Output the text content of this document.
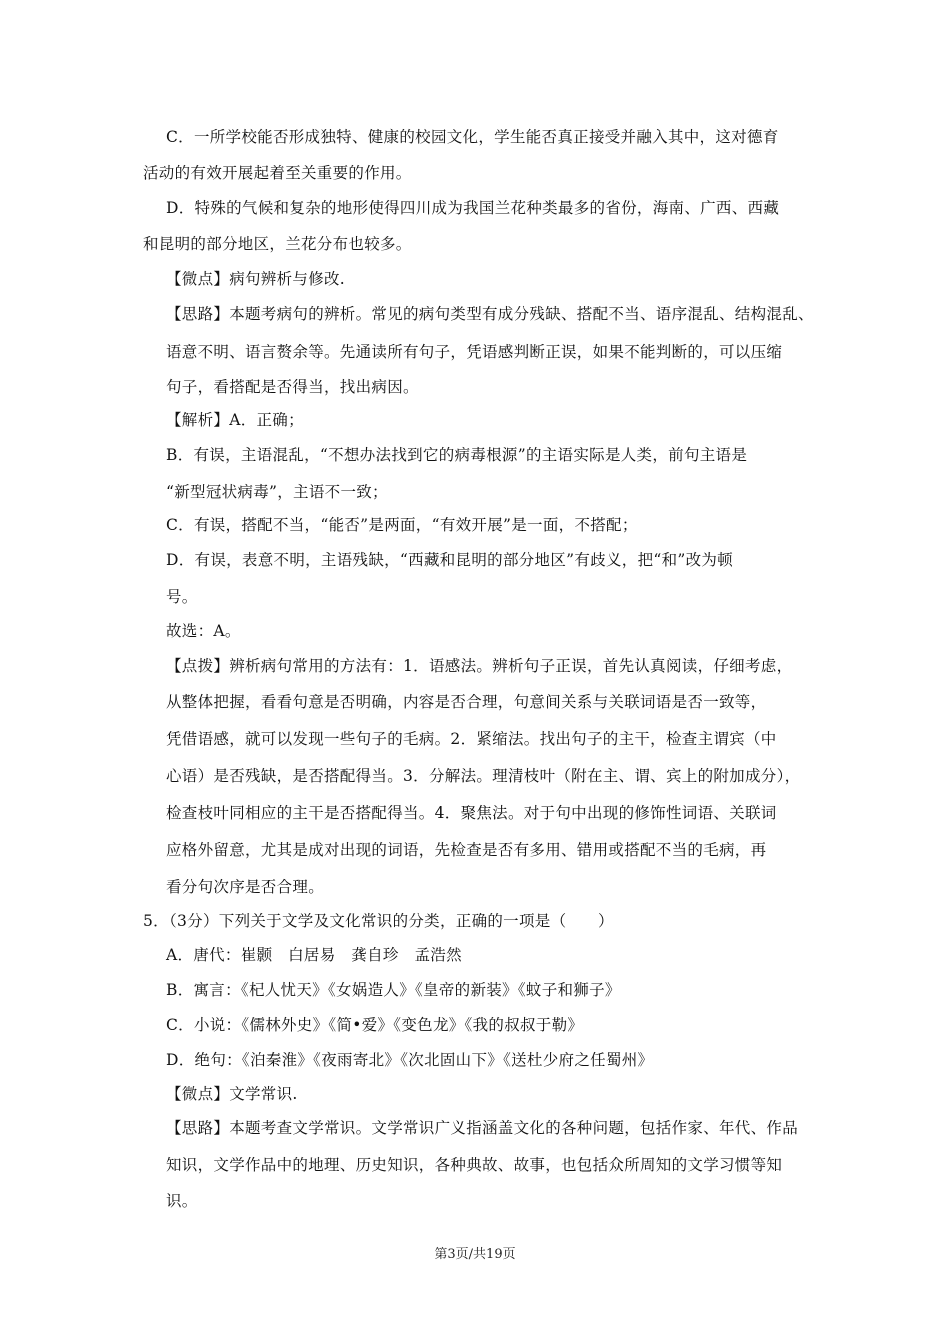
C．一所学校能否形成独特、健康的校园文化，学生能否真正接受并融入其中，这对德育
活动的有效开展起着至关重要的作用。
D．特殊的气候和复杂的地形使得四川成为我国兰花种类最多的省份，海南、广西、西藏
和昆明的部分地区，兰花分布也较多。
【微点】病句辨析与修改.
【思路】本题考病句的辨析。常见的病句类型有成分残缺、搭配不当、语序混乱、结构混乱、
语意不明、语言赘余等。先通读所有句子，凭语感判断正误，如果不能判断的，可以压缩
句子，看搭配是否得当，找出病因。
【解析】A．正确；
B．有误，主语混乱，“不想办法找到它的病毒根源”的主语实际是人类，前句主语是
“新型冠状病毒”，主语不一致；
C．有误，搭配不当，“能否”是两面，“有效开展”是一面，不搭配；
D．有误，表意不明，主语残缺，“西藏和昆明的部分地区”有歧义，把“和”改为顿
号。
故选：A。
【点拨】辨析病句常用的方法有：1．语感法。辨析句子正误，首先认真阅读，仔细考虑，
从整体把握，看看句意是否明确，内容是否合理，句意间关系与关联词语是否一致等，
凭借语感，就可以发现一些句子的毛病。2．紧缩法。找出句子的主干，检查主谓宾（中
心语）是否残缺，是否搭配得当。3．分解法。理清枝叶（附在主、谓、宾上的附加成分），
检查枝叶同相应的主干是否搭配得当。4．聚焦法。对于句中出现的修饰性词语、关联词
应格外留意，尤其是成对出现的词语，先检查是否有多用、错用或搭配不当的毛病，再
看分句次序是否合理。
5．（3分）下列关于文学及文化常识的分类，正确的一项是（　　）
A．唐代：崔颢　白居易　龚自珍　孟浩然
B．寓言：《杞人忧天》《女娲造人》《皇帝的新装》《蚊子和狮子》
C．小说：《儒林外史》《简•爱》《变色龙》《我的叔叔于勒》
D．绝句：《泊秦淮》《夜雨寄北》《次北固山下》《送杜少府之任蜀州》
【微点】文学常识.
【思路】本题考查文学常识。文学常识广义指涵盖文化的各种问题，包括作家、年代、作品
知识，文学作品中的地理、历史知识，各种典故、故事，也包括众所周知的文学习惯等知
识。
第3页/共19页
